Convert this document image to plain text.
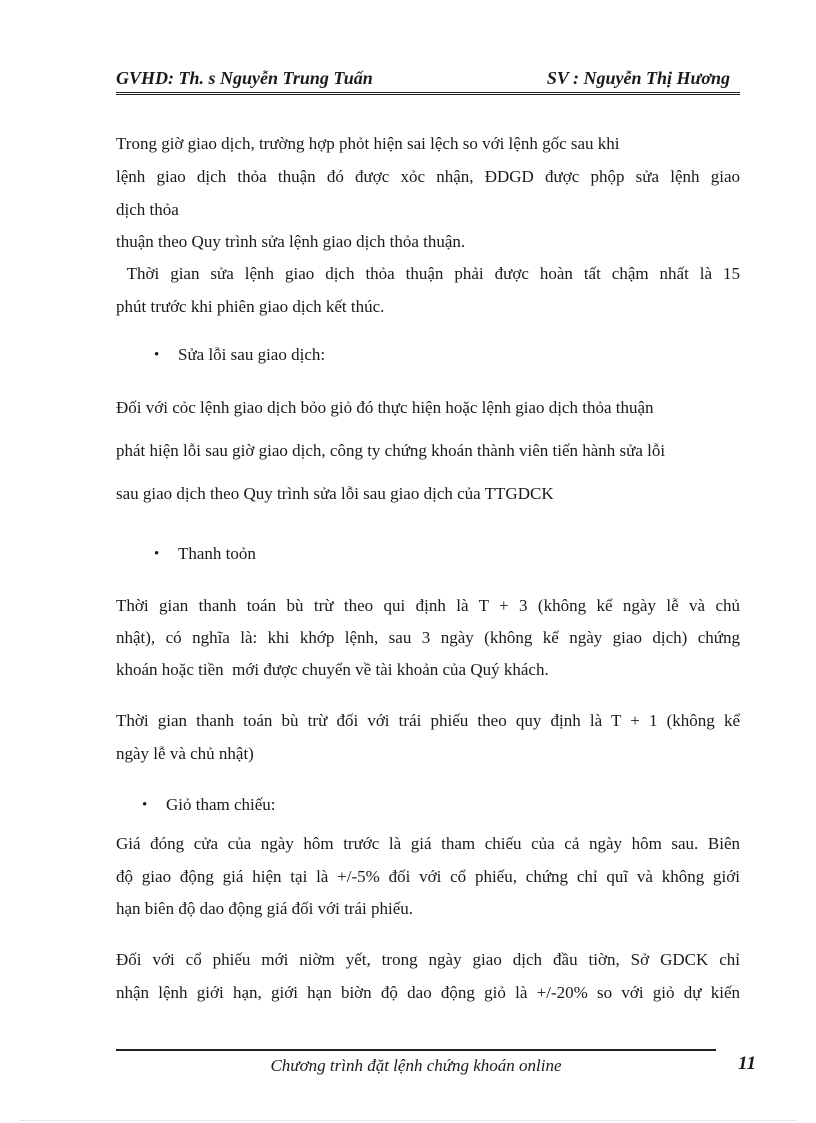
GVHD: Th. s Nguyễn Trung Tuấn	SV : Nguyễn Thị Hương
Trong giờ giao dịch, trường hợp phỏt hiện sai lệch so với lệnh gốc sau khi
lệnh giao dịch thỏa thuận đó được xỏc nhận, ĐDGD được phộp sửa lệnh giao
dịch thỏa
thuận theo Quy trình sửa lệnh giao dịch thỏa thuận.
Thời gian sửa lệnh giao dịch thỏa thuận phải được hoàn tất chậm nhất là 15
phút trước khi phiên giao dịch kết thúc.
• Sửa lỗi sau giao dịch:
Đối với cỏc lệnh giao dịch bỏo giỏ đó thực hiện hoặc lệnh giao dịch thỏa thuận
phát hiện lỗi sau giờ giao dịch, công ty chứng khoán thành viên tiến hành sửa lỗi
sau giao dịch theo Quy trình sửa lỗi sau giao dịch của TTGDCK
• Thanh toỏn
Thời gian thanh toán bù trừ theo qui định là T + 3 (không kể ngày lễ và chủ
nhật), có nghĩa là: khi khớp lệnh, sau 3 ngày (không kể ngày giao dịch) chứng
khoán hoặc tiền  mới được chuyển về tài khoản của Quý khách.
Thời gian thanh toán bù trừ đối với trái phiếu theo quy định là T + 1 (không kể
ngày lễ và chủ nhật)
• Giỏ tham chiếu:
Giá đóng cửa của ngày hôm trước là giá tham chiếu của cả ngày hôm sau. Biên
độ giao động giá hiện tại là +/-5% đối với cổ phiếu, chứng chỉ quĩ và không giới
hạn biên độ dao động giá đối với trái phiếu.
Đối với cổ phiếu mới niờm yết, trong ngày giao dịch đầu tiờn, Sở GDCK chỉ
nhận lệnh giới hạn, giới hạn biờn độ dao động giỏ là +/-20% so với giỏ dự kiến
Chương trình đặt lệnh chứng khoán online	11
